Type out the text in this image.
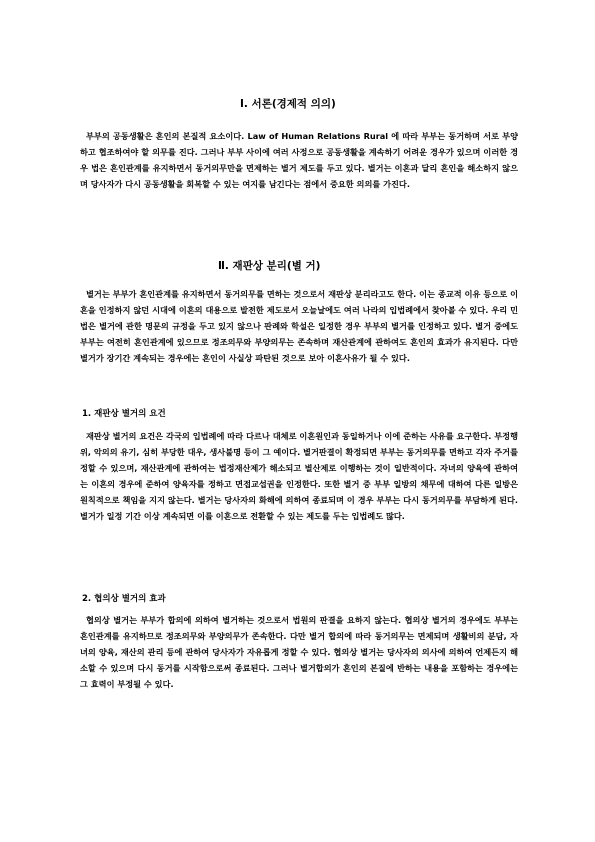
Ⅰ. 서론(경제적 의의)
부부의 공동생활은 혼인의 본질적 요소이다. Law of Human Relations Rural 에 따라 부부는 동거하며 서로 부양하고 협조하여야 할 의무를 진다. 그러나 부부 사이에 여러 사정으로 공동생활을 계속하기 어려운 경우가 있으며 이러한 경우 법은 혼인관계를 유지하면서 동거의무만을 면제하는 별거 제도를 두고 있다. 별거는 이혼과 달리 혼인을 해소하지 않으며 당사자가 다시 공동생활을 회복할 수 있는 여지를 남긴다는 점에서 중요한 의의를 가진다.
Ⅱ. 재판상 분리(별 거)
별거는 부부가 혼인관계를 유지하면서 동거의무를 면하는 것으로서 재판상 분리라고도 한다. 이는 종교적 이유 등으로 이혼을 인정하지 않던 시대에 이혼의 대용으로 발전한 제도로서 오늘날에도 여러 나라의 입법례에서 찾아볼 수 있다. 우리 민법은 별거에 관한 명문의 규정을 두고 있지 않으나 판례와 학설은 일정한 경우 부부의 별거를 인정하고 있다. 별거 중에도 부부는 여전히 혼인관계에 있으므로 정조의무와 부양의무는 존속하며 재산관계에 관하여도 혼인의 효과가 유지된다. 다만 별거가 장기간 계속되는 경우에는 혼인이 사실상 파탄된 것으로 보아 이혼사유가 될 수 있다.
1. 재판상 별거의 요건
재판상 별거의 요건은 각국의 입법례에 따라 다르나 대체로 이혼원인과 동일하거나 이에 준하는 사유를 요구한다. 부정행위, 악의의 유기, 심히 부당한 대우, 생사불명 등이 그 예이다. 별거판결이 확정되면 부부는 동거의무를 면하고 각자 주거를 정할 수 있으며, 재산관계에 관하여는 법정재산제가 해소되고 별산제로 이행하는 것이 일반적이다. 자녀의 양육에 관하여는 이혼의 경우에 준하여 양육자를 정하고 면접교섭권을 인정한다. 또한 별거 중 부부 일방의 채무에 대하여 다른 일방은 원칙적으로 책임을 지지 않는다. 별거는 당사자의 화해에 의하여 종료되며 이 경우 부부는 다시 동거의무를 부담하게 된다. 별거가 일정 기간 이상 계속되면 이를 이혼으로 전환할 수 있는 제도를 두는 입법례도 많다.
2. 협의상 별거의 효과
협의상 별거는 부부가 합의에 의하여 별거하는 것으로서 법원의 판결을 요하지 않는다. 협의상 별거의 경우에도 부부는 혼인관계를 유지하므로 정조의무와 부양의무가 존속한다. 다만 별거 합의에 따라 동거의무는 면제되며 생활비의 분담, 자녀의 양육, 재산의 관리 등에 관하여 당사자가 자유롭게 정할 수 있다. 협의상 별거는 당사자의 의사에 의하여 언제든지 해소할 수 있으며 다시 동거를 시작함으로써 종료된다. 그러나 별거합의가 혼인의 본질에 반하는 내용을 포함하는 경우에는 그 효력이 부정될 수 있다.
